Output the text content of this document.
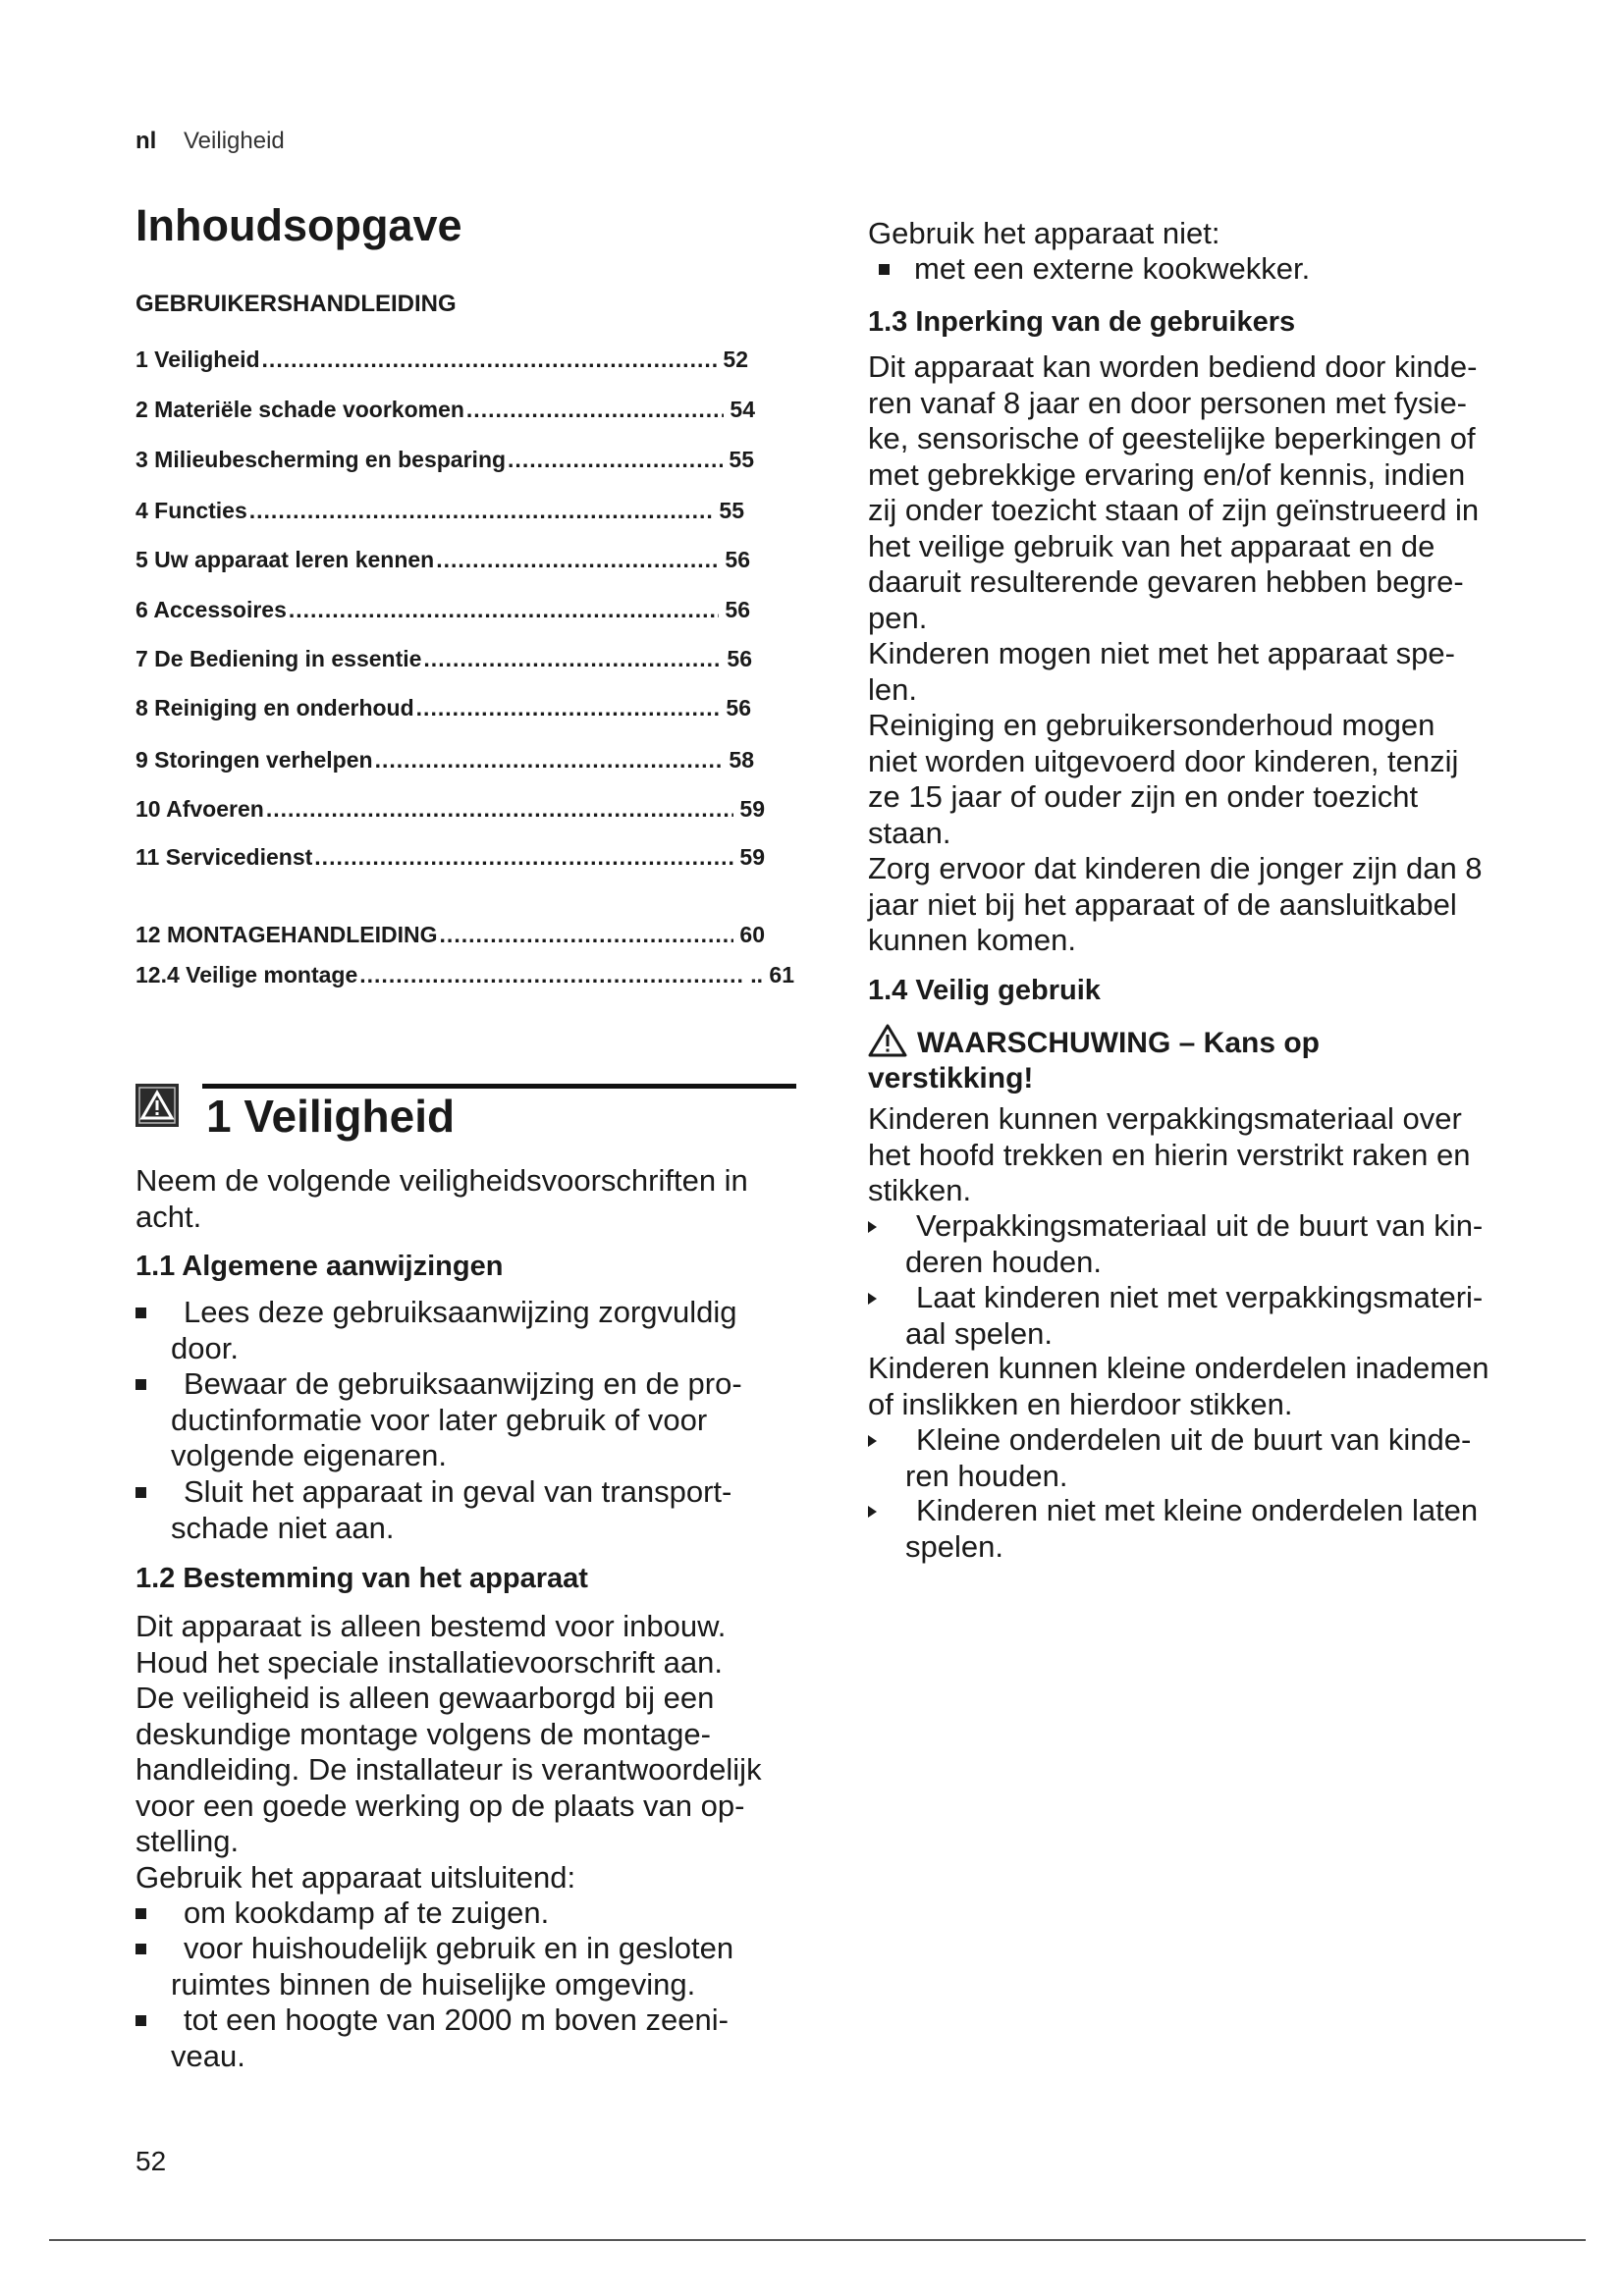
nl Veiligheid
Inhoudsopgave
GEBRUIKERSHANDLEIDING
1 Veiligheid .....	52
2 Materiële schade voorkomen .....	54
3 Milieubescherming en besparing .....	55
4 Functies .....	55
5 Uw apparaat leren kennen .....	56
6 Accessoires .....	56
7 De Bediening in essentie .....	56
8 Reiniging en onderhoud .....	56
9 Storingen verhelpen .....	58
10 Afvoeren .....	59
11 Servicedienst .....	59
12 MONTAGEHANDLEIDING .....	60
12.4 Veilige montage .....	.. 61
1 Veiligheid
Neem de volgende veiligheidsvoorschriften in
acht.
1.1 Algemene aanwijzingen
Lees deze gebruiksaanwijzing zorgvuldig
door.
Bewaar de gebruiksaanwijzing en de pro-
ductinformatie voor later gebruik of voor
volgende eigenaren.
Sluit het apparaat in geval van transport-
schade niet aan.
1.2 Bestemming van het apparaat
Dit apparaat is alleen bestemd voor inbouw.
Houd het speciale installatievoorschrift aan.
De veiligheid is alleen gewaarborgd bij een
deskundige montage volgens de montage-
handleiding. De installateur is verantwoordelijk
voor een goede werking op de plaats van op-
stelling.
Gebruik het apparaat uitsluitend:
om kookdamp af te zuigen.
voor huishoudelijk gebruik en in gesloten
ruimtes binnen de huiselijke omgeving.
tot een hoogte van 2000 m boven zeeni-
veau.
Gebruik het apparaat niet:
met een externe kookwekker.
1.3 Inperking van de gebruikers
Dit apparaat kan worden bediend door kinde-
ren vanaf 8 jaar en door personen met fysie-
ke, sensorische of geestelijke beperkingen of
met gebrekkige ervaring en/of kennis, indien
zij onder toezicht staan of zijn geïnstrueerd in
het veilige gebruik van het apparaat en de
daaruit resulterende gevaren hebben begre-
pen.
Kinderen mogen niet met het apparaat spe-
len.
Reiniging en gebruikersonderhoud mogen
niet worden uitgevoerd door kinderen, tenzij
ze 15 jaar of ouder zijn en onder toezicht
staan.
Zorg ervoor dat kinderen die jonger zijn dan 8
jaar niet bij het apparaat of de aansluitkabel
kunnen komen.
1.4 Veilig gebruik
WAARSCHUWING – Kans op
verstikking!
Kinderen kunnen verpakkingsmateriaal over
het hoofd trekken en hierin verstrikt raken en
stikken.
Verpakkingsmateriaal uit de buurt van kin-
deren houden.
Laat kinderen niet met verpakkingsmateri-
aal spelen.
Kinderen kunnen kleine onderdelen inademen
of inslikken en hierdoor stikken.
Kleine onderdelen uit de buurt van kinde-
ren houden.
Kinderen niet met kleine onderdelen laten
spelen.
52
